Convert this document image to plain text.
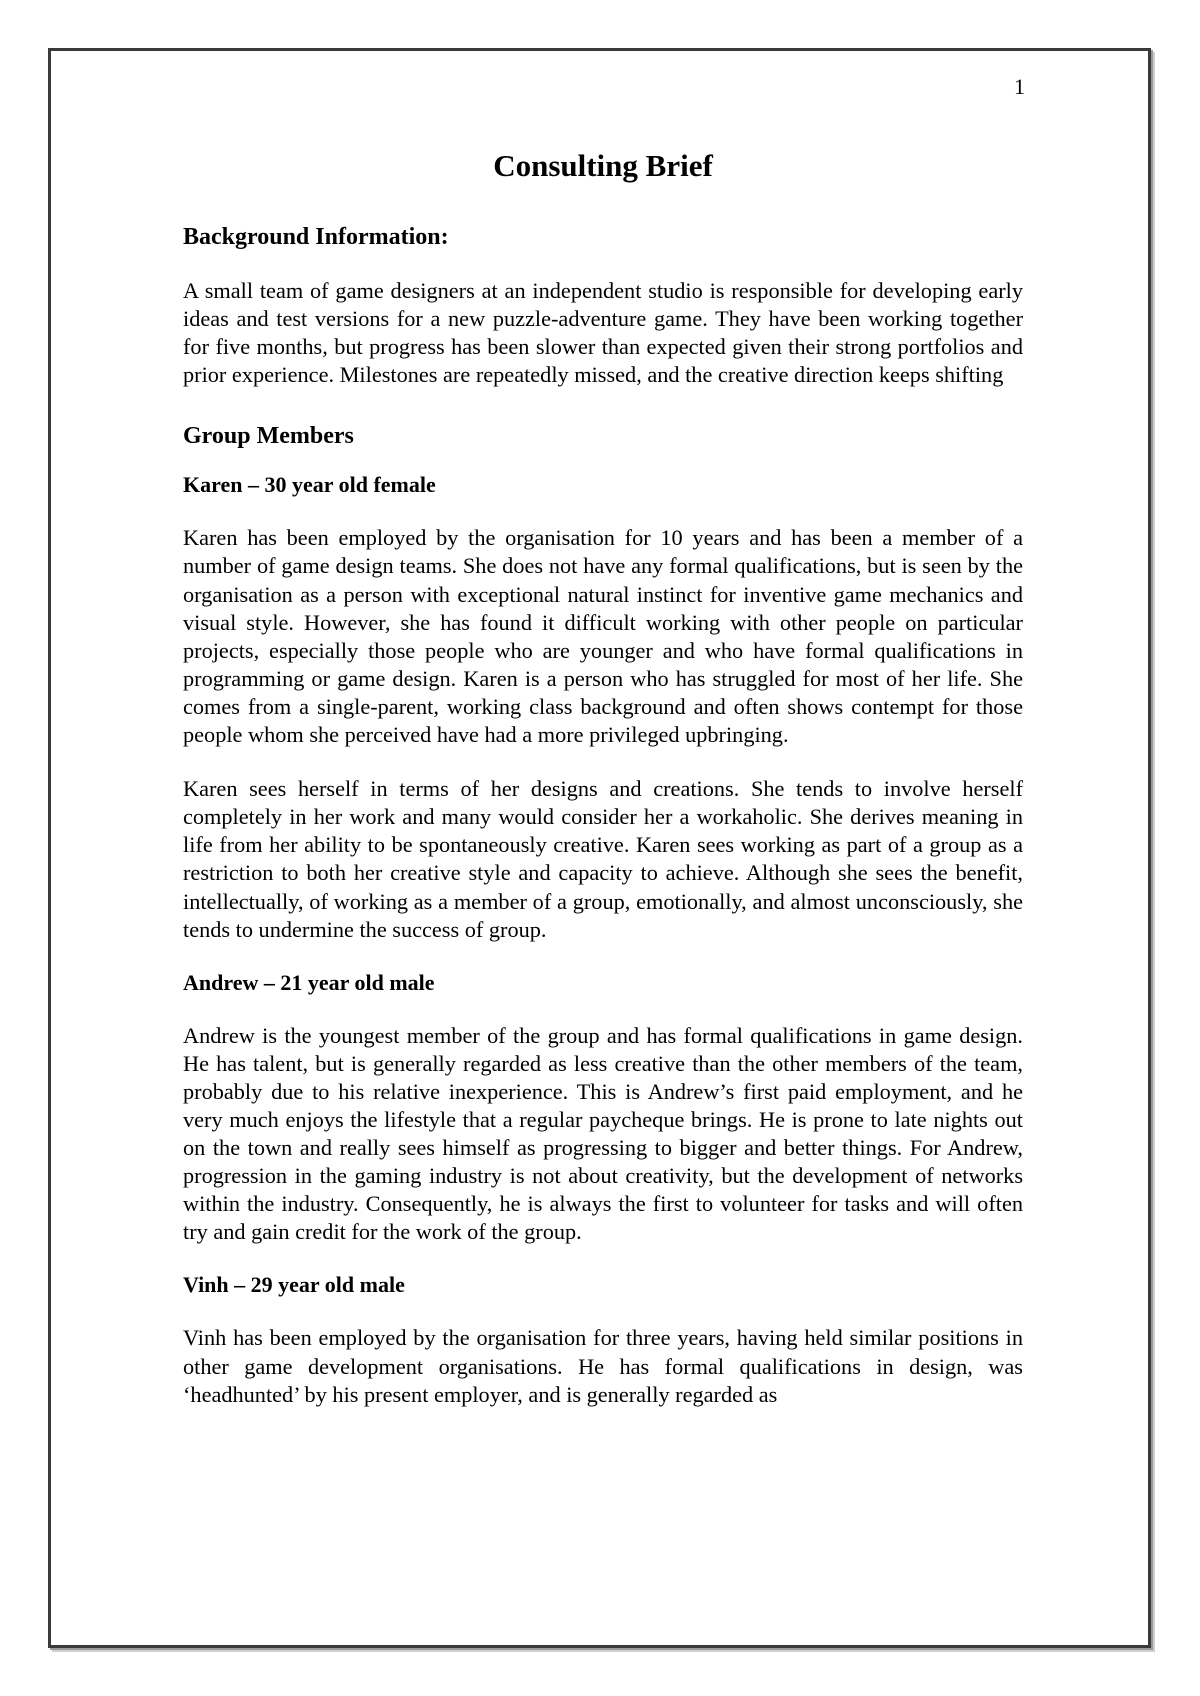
1
Consulting Brief
Background Information:

A small team of game designers at an independent studio is responsible for developing early ideas and test versions for a new puzzle-adventure game. They have been working together for five months, but progress has been slower than expected given their strong portfolios and prior experience. Milestones are repeatedly missed, and the creative direction keeps shifting

Group Members
Karen – 30 year old female

Karen has been employed by the organisation for 10 years and has been a member of a number of game design teams. She does not have any formal qualifications, but is seen by the organisation as a person with exceptional natural instinct for inventive game mechanics and visual style. However, she has found it difficult working with other people on particular projects, especially those people who are younger and who have formal qualifications in programming or game design. Karen is a person who has struggled for most of her life. She comes from a single-parent, working class background and often shows contempt for those people whom she perceived have had a more privileged upbringing.

Karen sees herself in terms of her designs and creations. She tends to involve herself completely in her work and many would consider her a workaholic. She derives meaning in life from her ability to be spontaneously creative. Karen sees working as part of a group as a restriction to both her creative style and capacity to achieve. Although she sees the benefit, intellectually, of working as a member of a group, emotionally, and almost unconsciously, she tends to undermine the success of group.

Andrew – 21 year old male

Andrew is the youngest member of the group and has formal qualifications in game design. He has talent, but is generally regarded as less creative than the other members of the team, probably due to his relative inexperience. This is Andrew’s first paid employment, and he very much enjoys the lifestyle that a regular paycheque brings. He is prone to late nights out on the town and really sees himself as progressing to bigger and better things. For Andrew, progression in the gaming industry is not about creativity, but the development of networks within the industry. Consequently, he is always the first to volunteer for tasks and will often try and gain credit for the work of the group.

Vinh – 29 year old male

Vinh has been employed by the organisation for three years, having held similar positions in other game development organisations. He has formal qualifications in design, was ‘headhunted’ by his present employer, and is generally regarded as
